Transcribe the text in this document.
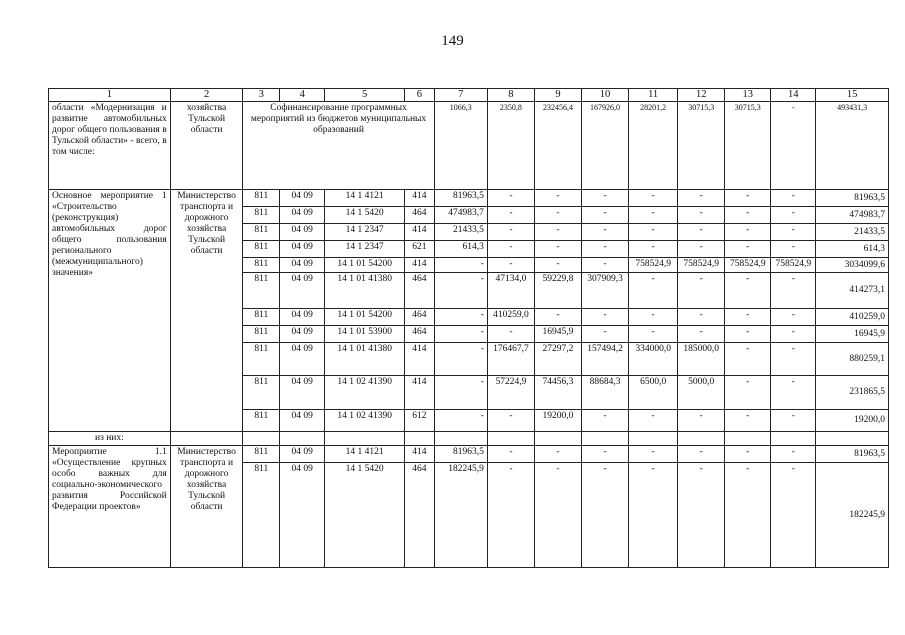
149
1	2	3	4	5	6	7	8	9	10	11	12	13	14	15
области «Модернизация и развитие автомобильных дорог общего пользования в Тульской области» - всего, в том числе:	хозяйства Тульской области	Софинансирование программных мероприятий из бюджетов муниципальных образований				1066,3	2350,8	232456,4	167926,0	28201,2	30715,3	30715,3	-	493431,3
Основное мероприятие 1 «Строительство (реконструкция) автомобильных дорог общего пользования регионального (межмуниципального) значения»	Министерство транспорта и дорожного хозяйства Тульской области	811	04 09	14 1 4121	414	81963,5	-	-	-	-	-	-	-	81963,5
		811	04 09	14 1 5420	464	474983,7	-	-	-	-	-	-	-	474983,7
		811	04 09	14 1 2347	414	21433,5	-	-	-	-	-	-	-	21433,5
		811	04 09	14 1 2347	621	614,3	-	-	-	-	-	-	-	614,3
		811	04 09	14 1 01 54200	414	-	-	-	-	758524,9	758524,9	758524,9	758524,9	3034099,6
		811	04 09	14 1 01 41380	464	-	47134,0	59229,8	307909,3	-	-	-	-	414273,1
		811	04 09	14 1 01 54200	464	-	410259,0	-	-	-	-	-	-	410259,0
		811	04 09	14 1 01 53900	464	-	-	16945,9	-	-	-	-	-	16945,9
		811	04 09	14 1 01 41380	414	-	176467,7	27297,2	157494,2	334000,0	185000,0	-	-	880259,1
		811	04 09	14 1 02 41390	414	-	57224,9	74456,3	88684,3	6500,0	5000,0	-	-	231865,5
		811	04 09	14 1 02 41390	612	-	-	19200,0	-	-	-	-	-	19200,0
из них:														
Мероприятие 1.1 «Осуществление крупных особо важных для социально-экономического развития Российской Федерации проектов»	Министерство транспорта и дорожного хозяйства Тульской области	811	04 09	14 1 4121	414	81963,5	-	-	-	-	-	-	-	81963,5
		811	04 09	14 1 5420	464	182245,9	-	-	-	-	-	-	-	182245,9
